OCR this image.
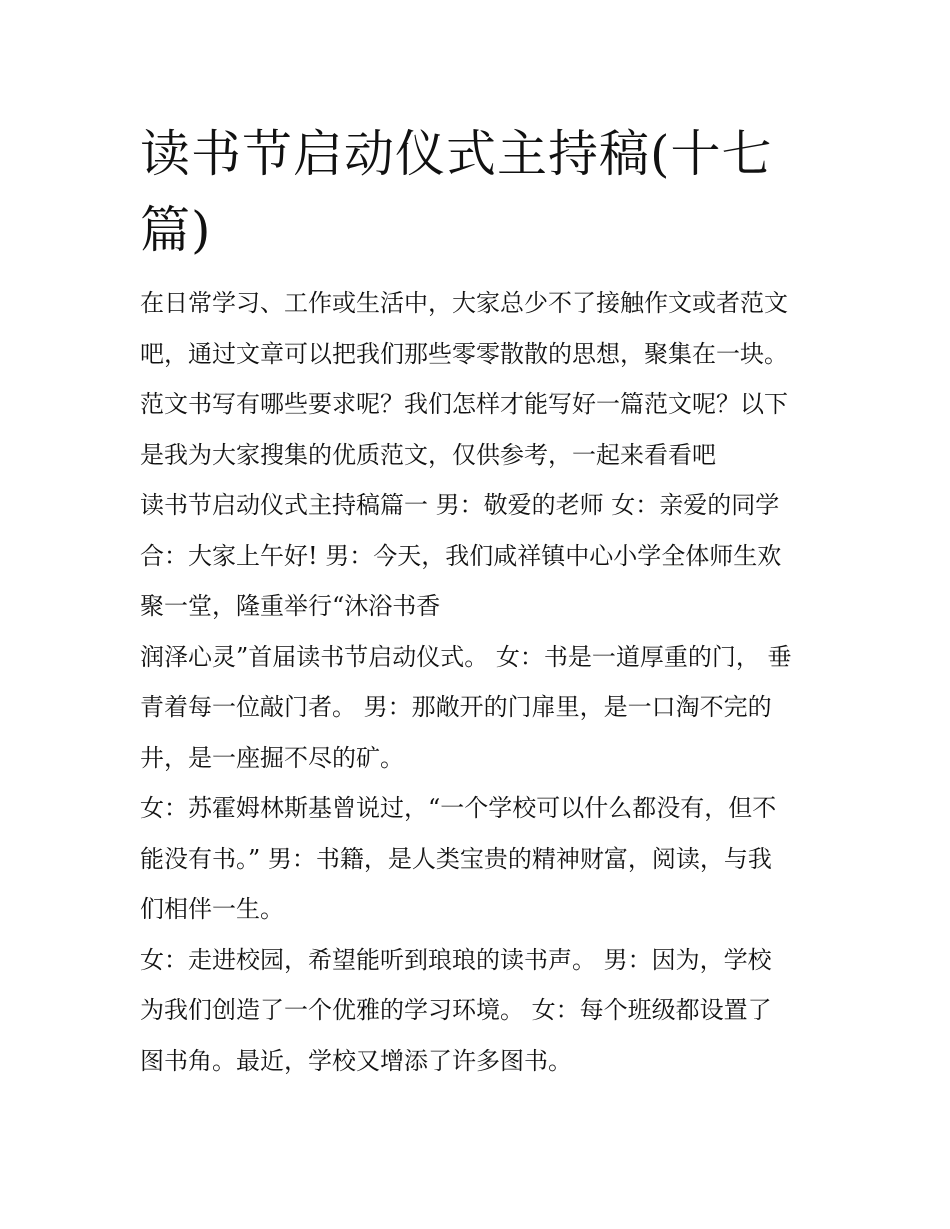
读书节启动仪式主持稿(十七
篇)
在日常学习、工作或生活中，大家总少不了接触作文或者范文
吧，通过文章可以把我们那些零零散散的思想，聚集在一块。
范文书写有哪些要求呢？我们怎样才能写好一篇范文呢？以下
是我为大家搜集的优质范文，仅供参考，一起来看看吧
读书节启动仪式主持稿篇一 男：敬爱的老师 女：亲爱的同学
合：大家上午好! 男：今天，我们咸祥镇中心小学全体师生欢
聚一堂，隆重举行“沐浴书香
润泽心灵”首届读书节启动仪式。 女：书是一道厚重的门， 垂
青着每一位敲门者。 男：那敞开的门扉里，是一口淘不完的
井，是一座掘不尽的矿。
女：苏霍姆林斯基曾说过，“一个学校可以什么都没有，但不
能没有书。” 男：书籍，是人类宝贵的精神财富，阅读，与我
们相伴一生。
女：走进校园，希望能听到琅琅的读书声。 男：因为，学校
为我们创造了一个优雅的学习环境。 女：每个班级都设置了
图书角。最近，学校又增添了许多图书。
